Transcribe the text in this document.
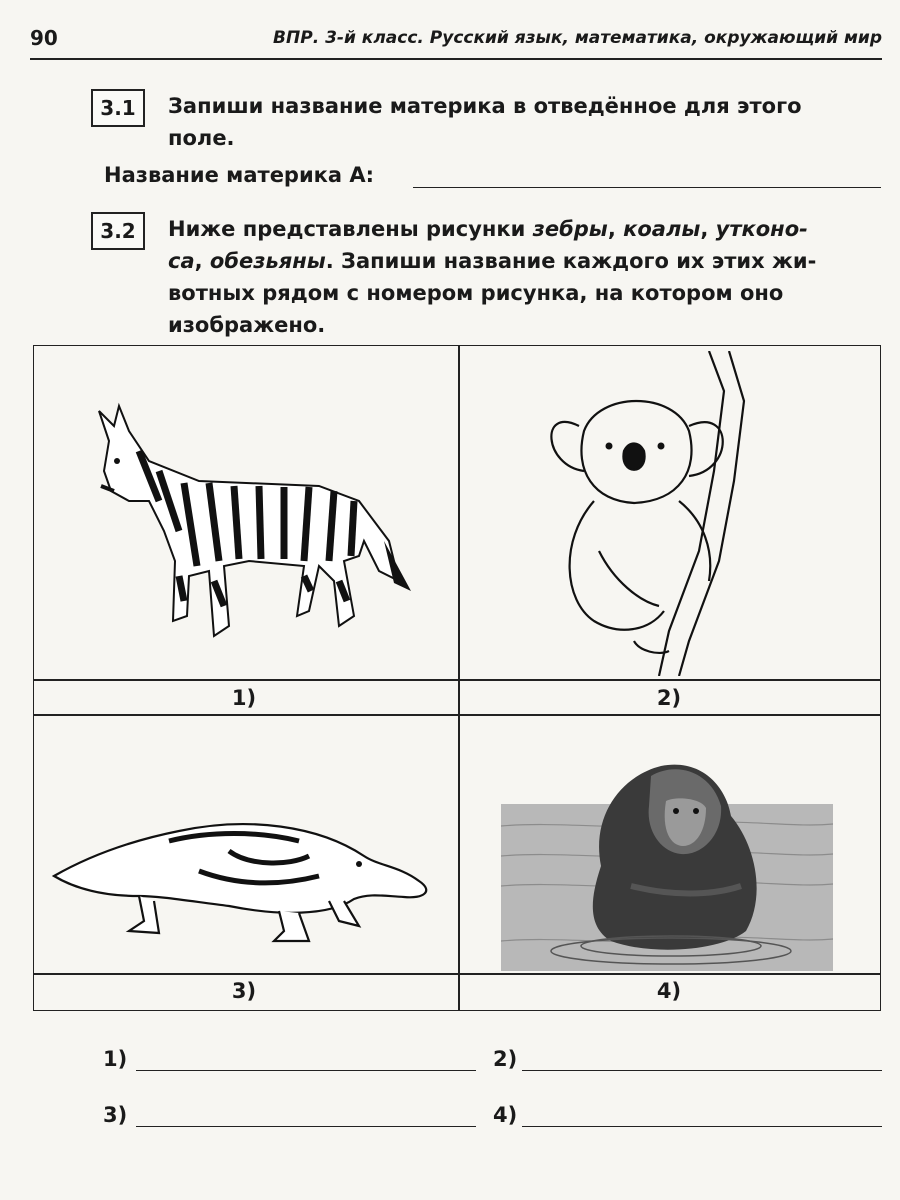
90	ВПР. 3-й класс. Русский язык, математика, окружающий мир
3.1	Запиши название материка в отведённое для этого
поле.
Название материка А:
3.2	Ниже представлены рисунки зебры, коалы, утконо-
са, обезьяны. Запиши название каждого их этих жи-
вотных рядом с номером рисунка, на котором оно
изображено.
1)	2)
3)	4)
1)	2)
3)	4)
